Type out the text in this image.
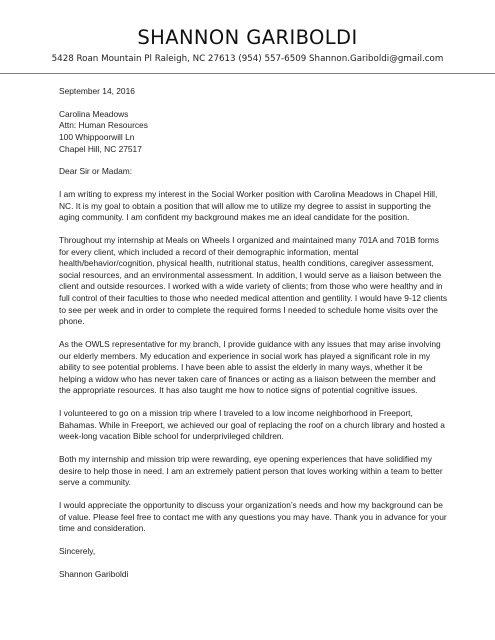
SHANNON GARIBOLDI
5428 Roan Mountain Pl Raleigh, NC 27613 (954) 557-6509 Shannon.Gariboldi@gmail.com

September 14, 2016

Carolina Meadows
Attn: Human Resources
100 Whippoorwill Ln
Chapel Hill, NC 27517

Dear Sir or Madam:

I am writing to express my interest in the Social Worker position with Carolina Meadows in Chapel Hill, NC. It is my goal to obtain a position that will allow me to utilize my degree to assist in supporting the aging community. I am confident my background makes me an ideal candidate for the position.

Throughout my internship at Meals on Wheels I organized and maintained many 701A and 701B forms for every client, which included a record of their demographic information, mental health/behavior/cognition, physical health, nutritional status, health conditions, caregiver assessment, social resources, and an environmental assessment. In addition, I would serve as a liaison between the client and outside resources. I worked with a wide variety of clients; from those who were healthy and in full control of their faculties to those who needed medical attention and gentility. I would have 9-12 clients to see per week and in order to complete the required forms I needed to schedule home visits over the phone.

As the OWLS representative for my branch, I provide guidance with any issues that may arise involving our elderly members. My education and experience in social work has played a significant role in my ability to see potential problems. I have been able to assist the elderly in many ways, whether it be helping a widow who has never taken care of finances or acting as a liaison between the member and the appropriate resources. It has also taught me how to notice signs of potential cognitive issues.

I volunteered to go on a mission trip where I traveled to a low income neighborhood in Freeport, Bahamas. While in Freeport, we achieved our goal of replacing the roof on a church library and hosted a week-long vacation Bible school for underprivileged children.

Both my internship and mission trip were rewarding, eye opening experiences that have solidified my desire to help those in need. I am an extremely patient person that loves working within a team to better serve a community.

I would appreciate the opportunity to discuss your organization’s needs and how my background can be of value. Please feel free to contact me with any questions you may have. Thank you in advance for your time and consideration.

Sincerely,

Shannon Gariboldi
